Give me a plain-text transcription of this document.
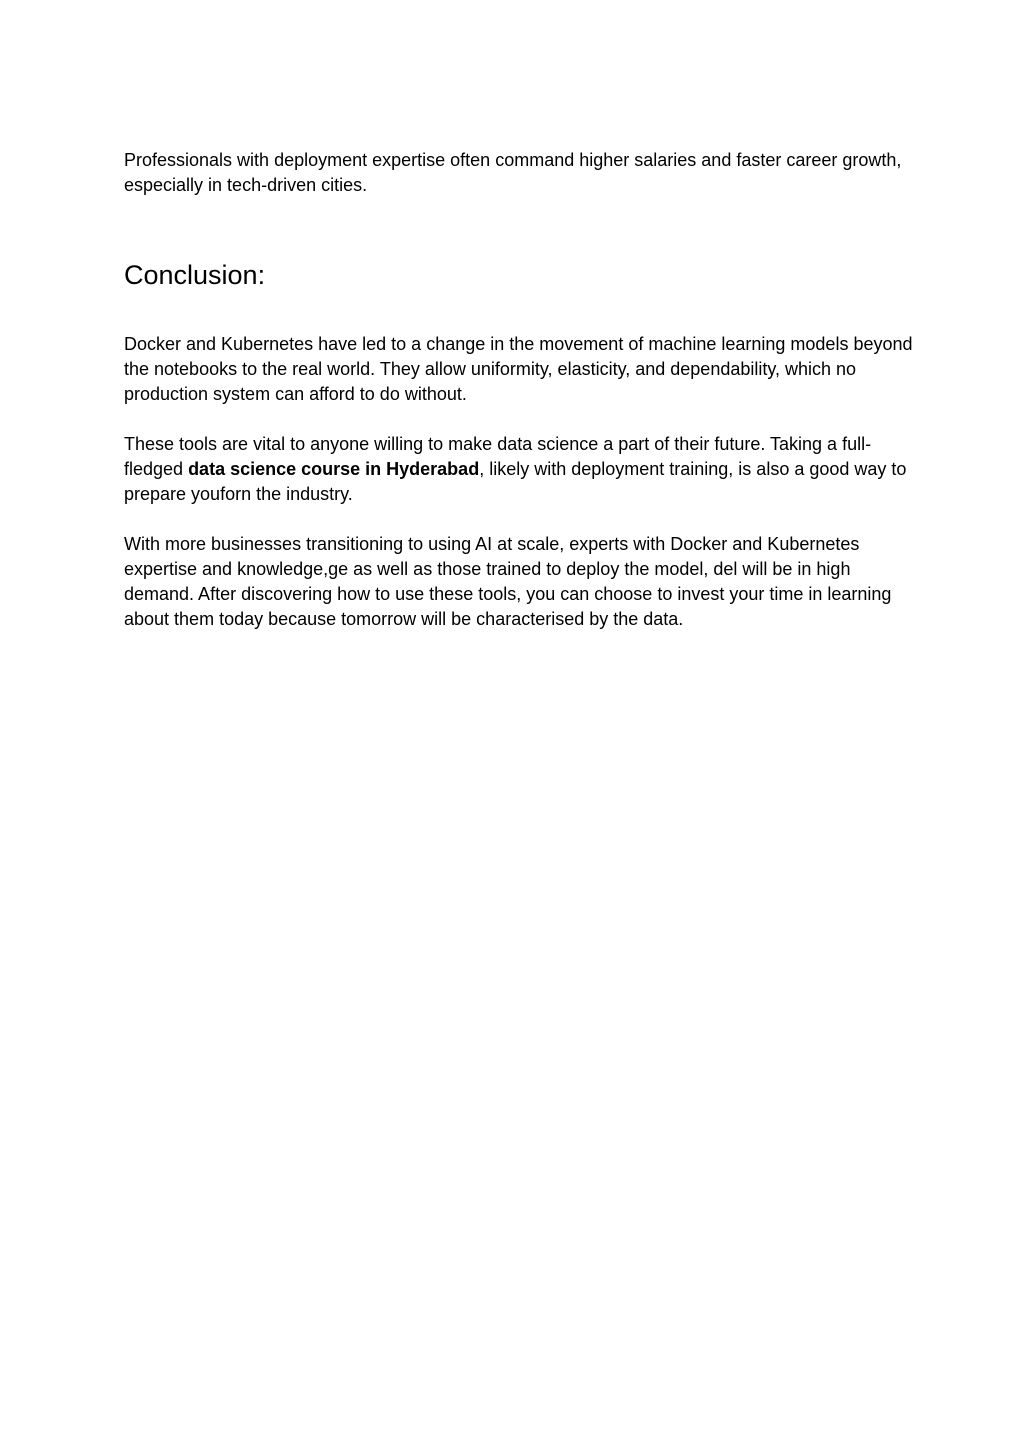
Professionals with deployment expertise often command higher salaries and faster career growth, especially in tech-driven cities.

Conclusion:

Docker and Kubernetes have led to a change in the movement of machine learning models beyond the notebooks to the real world. They allow uniformity, elasticity, and dependability, which no production system can afford to do without.

These tools are vital to anyone willing to make data science a part of their future. Taking a full-fledged data science course in Hyderabad, likely with deployment training, is also a good way to prepare youforn the industry.

With more businesses transitioning to using AI at scale, experts with Docker and Kubernetes expertise and knowledge,ge as well as those trained to deploy the model, del will be in high demand. After discovering how to use these tools, you can choose to invest your time in learning about them today because tomorrow will be characterised by the data.
